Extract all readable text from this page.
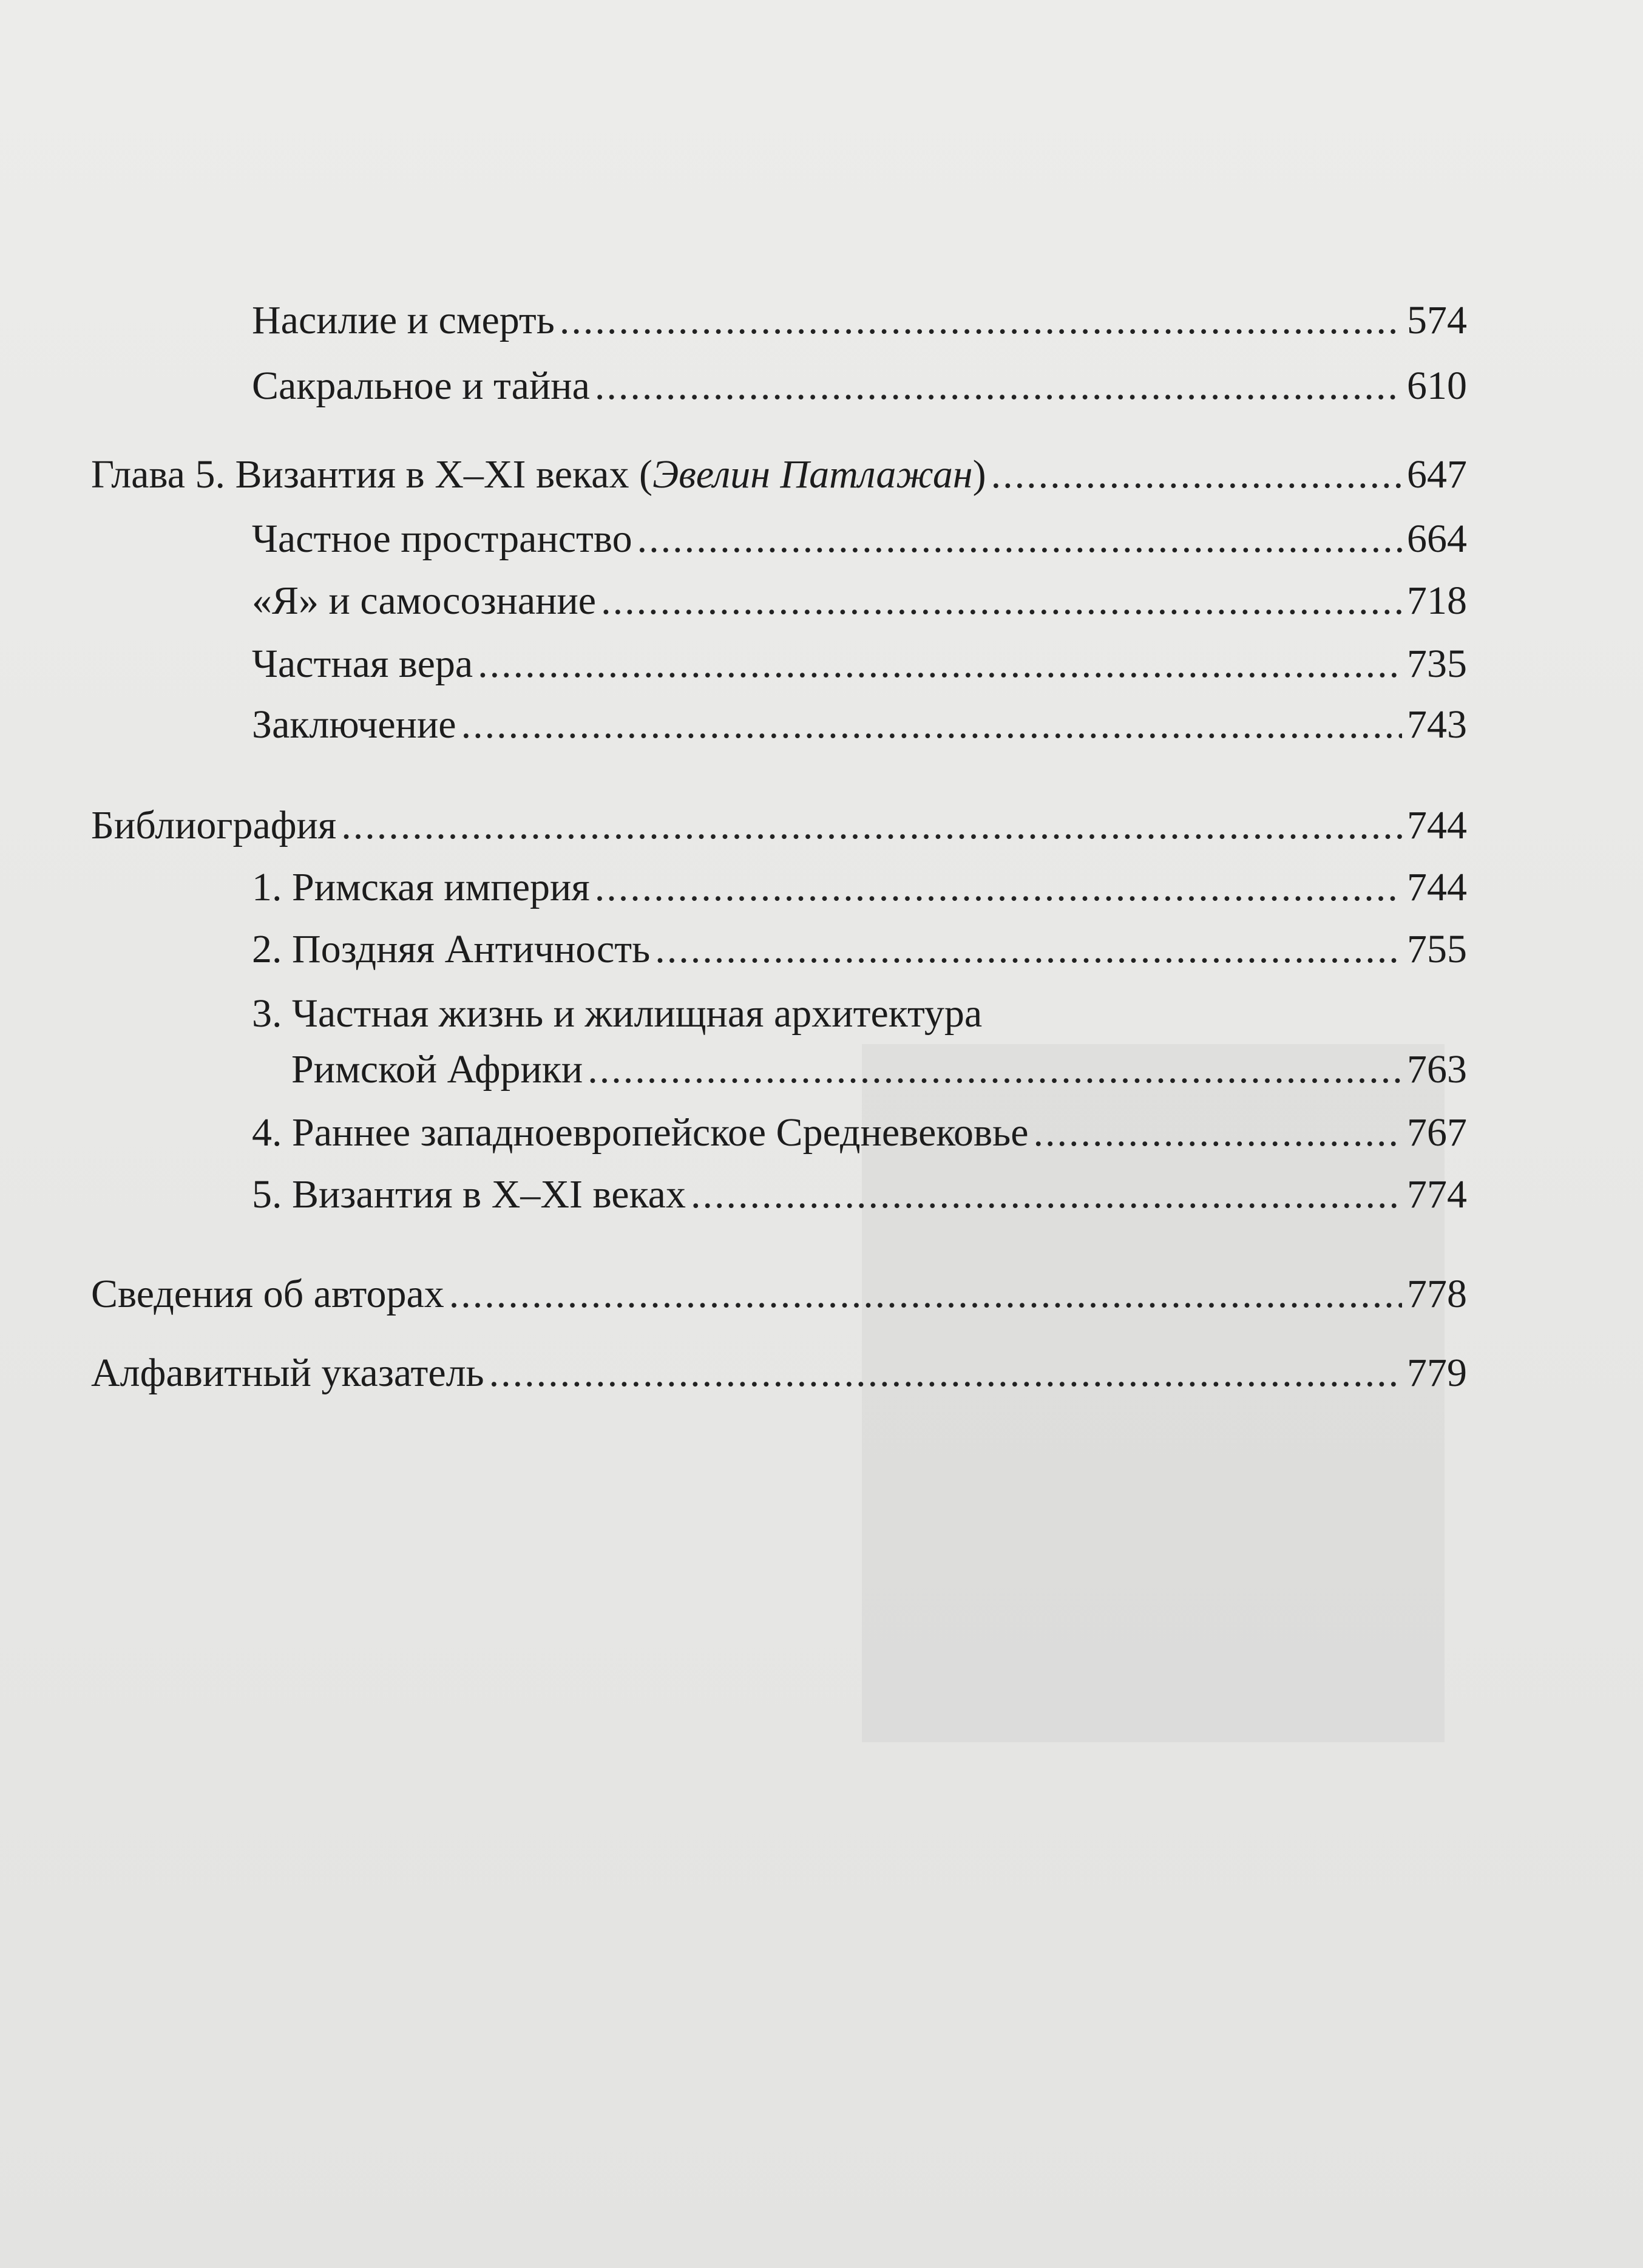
Насилие и смерть .....	574
Сакральное и тайна .....	610
Глава 5. Византия в X–XI веках (Эвелин Патлажан) .....	647
Частное пространство .....	664
«Я» и самосознание .....	718
Частная вера .....	735
Заключение .....	743
Библиография .....	744
1. Римская империя .....	744
2. Поздняя Античность .....	755
3. Частная жизнь и жилищная архитектура
Римской Африки .....	763
4. Раннее западноевропейское Средневековье .....	767
5. Византия в X–XI веках .....	774
Сведения об авторах .....	778
Алфавитный указатель .....	779
